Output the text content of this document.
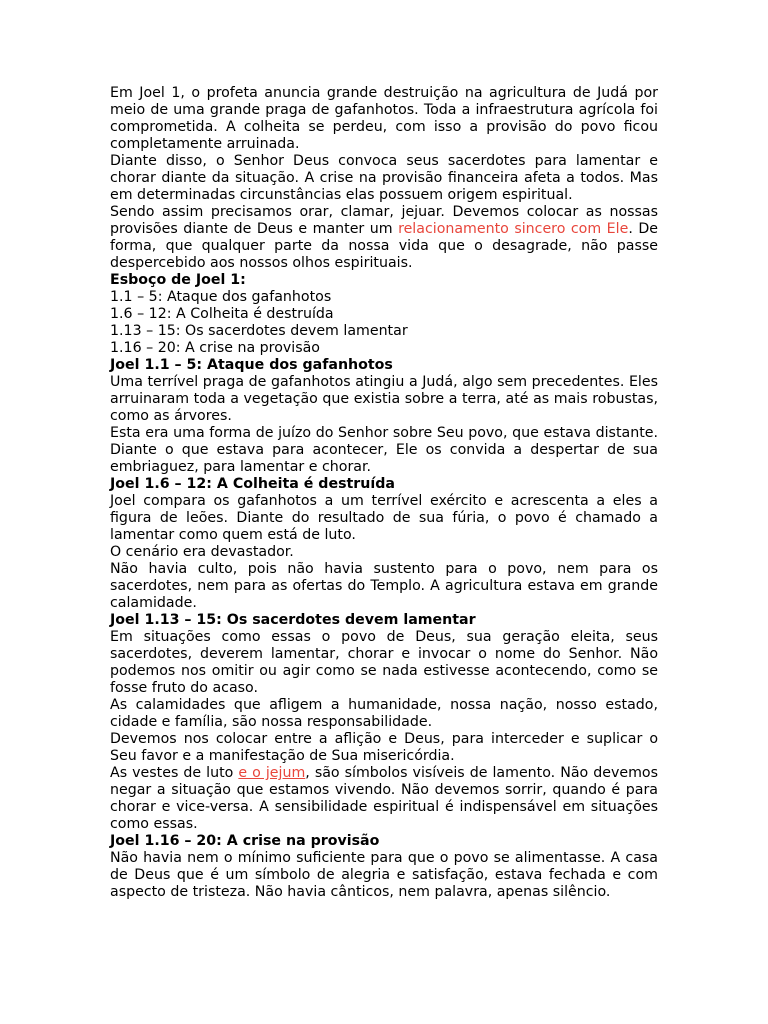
Em Joel 1, o profeta anuncia grande destruição na agricultura de Judá por meio de uma grande praga de gafanhotos. Toda a infraestrutura agrícola foi comprometida. A colheita se perdeu, com isso a provisão do povo ficou completamente arruinada.

Diante disso, o Senhor Deus convoca seus sacerdotes para lamentar e chorar diante da situação. A crise na provisão financeira afeta a todos. Mas em determinadas circunstâncias elas possuem origem espiritual.

Sendo assim precisamos orar, clamar, jejuar. Devemos colocar as nossas provisões diante de Deus e manter um relacionamento sincero com Ele. De forma, que qualquer parte da nossa vida que o desagrade, não passe despercebido aos nossos olhos espirituais.

Esboço de Joel 1:

1.1 – 5: Ataque dos gafanhotos

1.6 – 12: A Colheita é destruída

1.13 – 15: Os sacerdotes devem lamentar

1.16 – 20: A crise na provisão

Joel 1.1 – 5: Ataque dos gafanhotos

Uma terrível praga de gafanhotos atingiu a Judá, algo sem precedentes. Eles arruinaram toda a vegetação que existia sobre a terra, até as mais robustas, como as árvores.

Esta era uma forma de juízo do Senhor sobre Seu povo, que estava distante. Diante o que estava para acontecer, Ele os convida a despertar de sua embriaguez, para lamentar e chorar.

Joel 1.6 – 12: A Colheita é destruída

Joel compara os gafanhotos a um terrível exército e acrescenta a eles a figura de leões. Diante do resultado de sua fúria, o povo é chamado a lamentar como quem está de luto.

O cenário era devastador.

Não havia culto, pois não havia sustento para o povo, nem para os sacerdotes, nem para as ofertas do Templo. A agricultura estava em grande calamidade.

Joel 1.13 – 15: Os sacerdotes devem lamentar

Em situações como essas o povo de Deus, sua geração eleita, seus sacerdotes, deverem lamentar, chorar e invocar o nome do Senhor. Não podemos nos omitir ou agir como se nada estivesse acontecendo, como se fosse fruto do acaso.

As calamidades que afligem a humanidade, nossa nação, nosso estado, cidade e família, são nossa responsabilidade.

Devemos nos colocar entre a aflição e Deus, para interceder e suplicar o Seu favor e a manifestação de Sua misericórdia.

As vestes de luto e o jejum, são símbolos visíveis de lamento. Não devemos negar a situação que estamos vivendo. Não devemos sorrir, quando é para chorar e vice-versa. A sensibilidade espiritual é indispensável em situações como essas.

Joel 1.16 – 20: A crise na provisão

Não havia nem o mínimo suficiente para que o povo se alimentasse. A casa de Deus que é um símbolo de alegria e satisfação, estava fechada e com aspecto de tristeza. Não havia cânticos, nem palavra, apenas silêncio.
